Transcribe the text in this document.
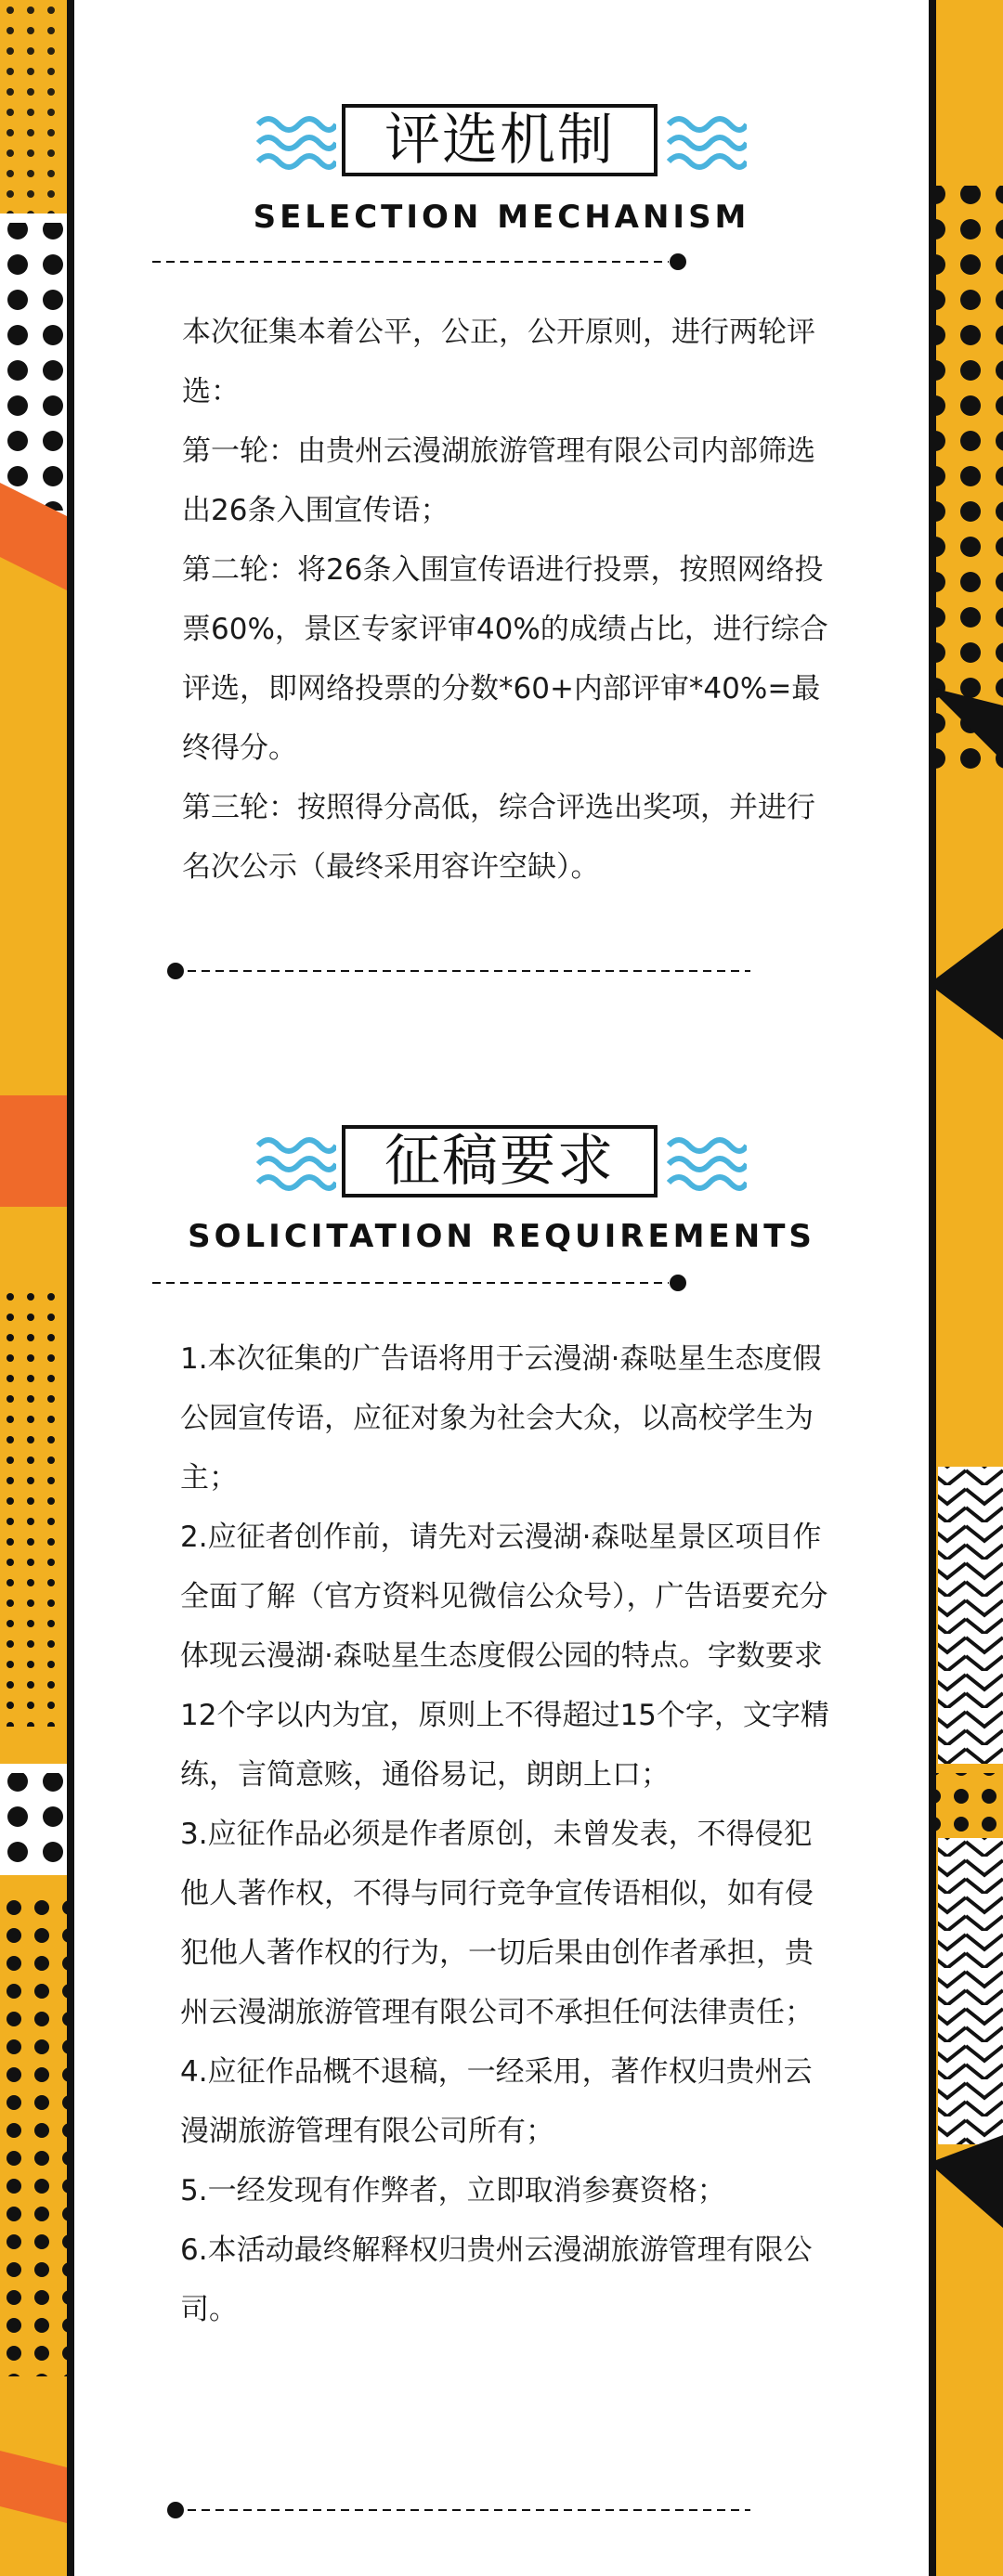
评选机制
SELECTION MECHANISM

本次征集本着公平，公正，公开原则，进行两轮评选：

第一轮：由贵州云漫湖旅游管理有限公司内部筛选出26条入围宣传语；

第二轮：将26条入围宣传语进行投票，按照网络投票60%，景区专家评审40%的成绩占比，进行综合评选，即网络投票的分数*60+内部评审*40%=最终得分。

第三轮：按照得分高低，综合评选出奖项，并进行名次公示（最终采用容许空缺）。

征稿要求
SOLICITATION REQUIREMENTS

1.本次征集的广告语将用于云漫湖·森哒星生态度假公园宣传语，应征对象为社会大众，以高校学生为主；

2.应征者创作前，请先对云漫湖·森哒星景区项目作全面了解（官方资料见微信公众号），广告语要充分体现云漫湖·森哒星生态度假公园的特点。字数要求12个字以内为宜，原则上不得超过15个字，文字精练，言简意赅，通俗易记，朗朗上口；

3.应征作品必须是作者原创，未曾发表，不得侵犯他人著作权，不得与同行竞争宣传语相似，如有侵犯他人著作权的行为，一切后果由创作者承担，贵州云漫湖旅游管理有限公司不承担任何法律责任；

4.应征作品概不退稿，一经采用，著作权归贵州云漫湖旅游管理有限公司所有；

5.一经发现有作弊者，立即取消参赛资格；

6.本活动最终解释权归贵州云漫湖旅游管理有限公司。
